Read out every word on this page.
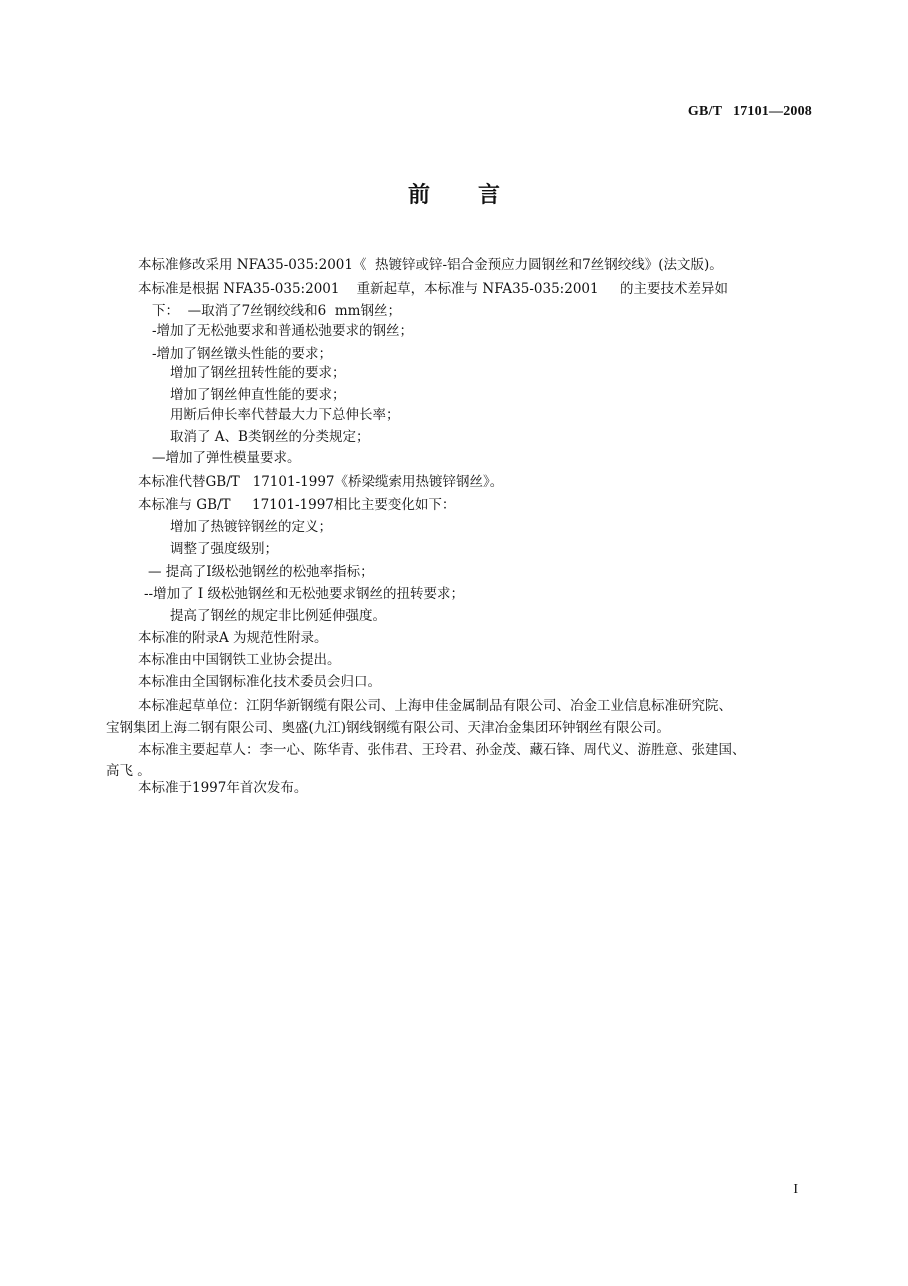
GB/T   17101—2008
前言
本标准修改采用 NFA35-035:2001《  热镀锌或锌-铝合金预应力圆钢丝和7丝钢绞线》(法文版)。
本标准是根据 NFA35-035:2001    重新起草，本标准与 NFA35-035:2001     的主要技术差异如
下：  —取消了7丝钢绞线和6  mm钢丝；
-增加了无松弛要求和普通松弛要求的钢丝；
-增加了钢丝镦头性能的要求；
增加了钢丝扭转性能的要求；
增加了钢丝伸直性能的要求；
用断后伸长率代替最大力下总伸长率；
取消了 A、B类钢丝的分类规定；
—增加了弹性模量要求。
本标准代替GB/T   17101-1997《桥梁缆索用热镀锌钢丝》。
本标准与 GB/T     17101-1997相比主要变化如下：
增加了热镀锌钢丝的定义；
调整了强度级别；
— 提高了I级松弛钢丝的松弛率指标；
--增加了 I 级松弛钢丝和无松弛要求钢丝的扭转要求；
提高了钢丝的规定非比例延伸强度。
本标准的附录A 为规范性附录。
本标准由中国钢铁工业协会提出。
本标准由全国钢标准化技术委员会归口。
本标准起草单位：江阴华新钢缆有限公司、上海申佳金属制品有限公司、冶金工业信息标准研究院、
宝钢集团上海二钢有限公司、奥盛(九江)钢线钢缆有限公司、天津冶金集团环钟钢丝有限公司。
本标准主要起草人：李一心、陈华青、张伟君、王玲君、孙金茂、藏石锋、周代义、游胜意、张建国、
高飞 。
本标准于1997年首次发布。
I
